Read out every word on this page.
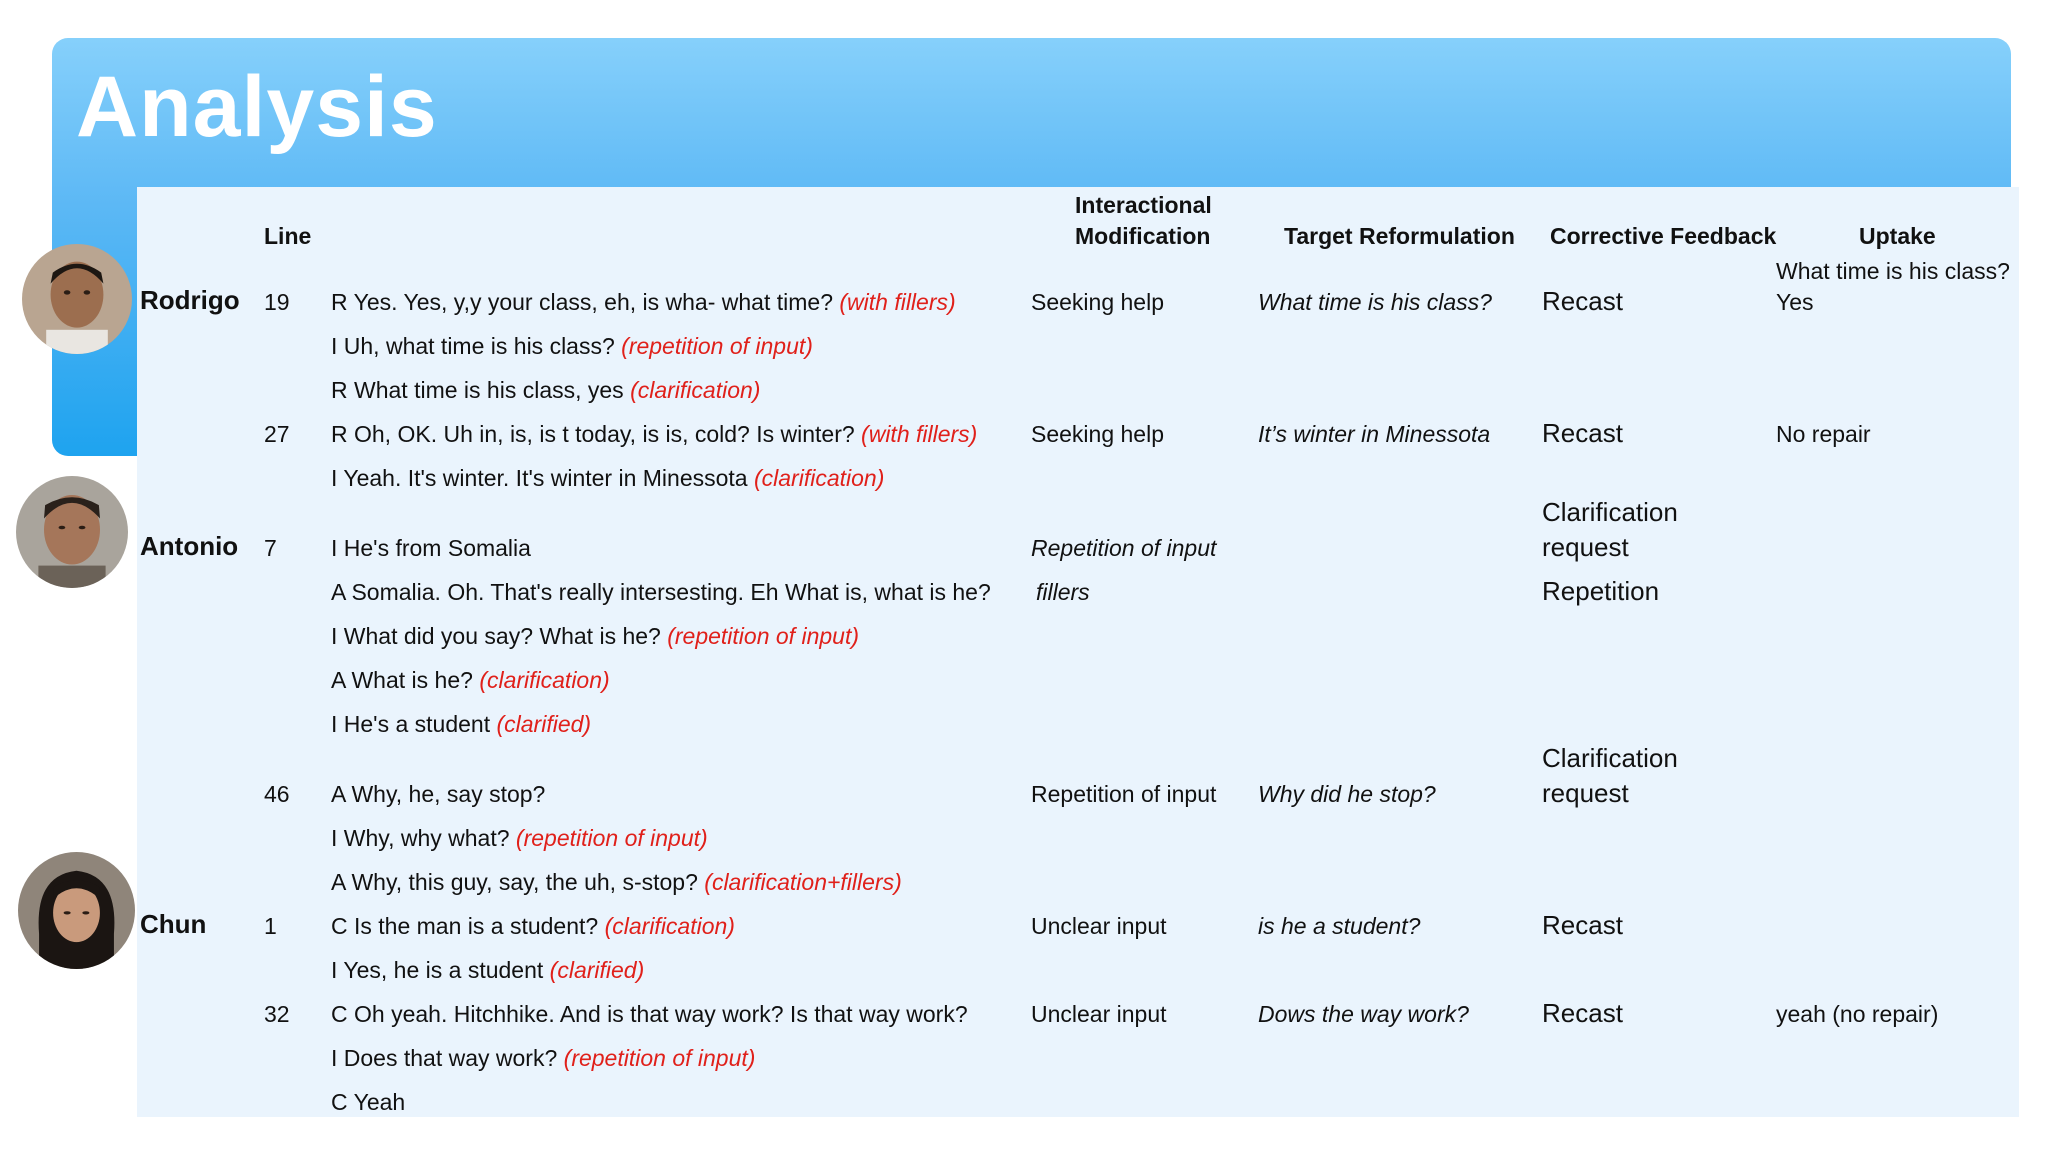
Analysis
Line
Interactional
Modification	Target Reformulation Corrective Feedback	Uptake
Rodrigo
Antonio
Chun
19
27
7
46
1
32
R Yes. Yes, y,y your class, eh, is wha- what time? (with fillers)
I Uh, what time is his class? (repetition of input)
R What time is his class, yes (clarification)
R Oh, OK. Uh in, is, is t today, is is, cold? Is winter? (with fillers)
I Yeah. It's winter. It's winter in Minessota (clarification)
I He's from Somalia
A Somalia. Oh. That's really intersesting. Eh What is, what is he?
I What did you say? What is he? (repetition of input)
A What is he? (clarification)
I He's a student (clarified)
A Why, he, say stop?
I Why, why what? (repetition of input)
A Why, this guy, say, the uh, s-stop? (clarification+fillers)
C Is the man is a student? (clarification)
I Yes, he is a student (clarified)
C Oh yeah. Hitchhike. And is that way work? Is that way work?
I Does that way work? (repetition of input)
C Yeah
Seeking help
Seeking help
Repetition of input
fillers
Repetition of input
Unclear input
Unclear input
What time is his class?
It’s winter in Minessota
Why did he stop?
is he a student?
Dows the way work?
Recast
Recast
Clarification
request
Repetition
Clarification
request
Recast
Recast
What time is his class?
Yes
No repair
yeah (no repair)
